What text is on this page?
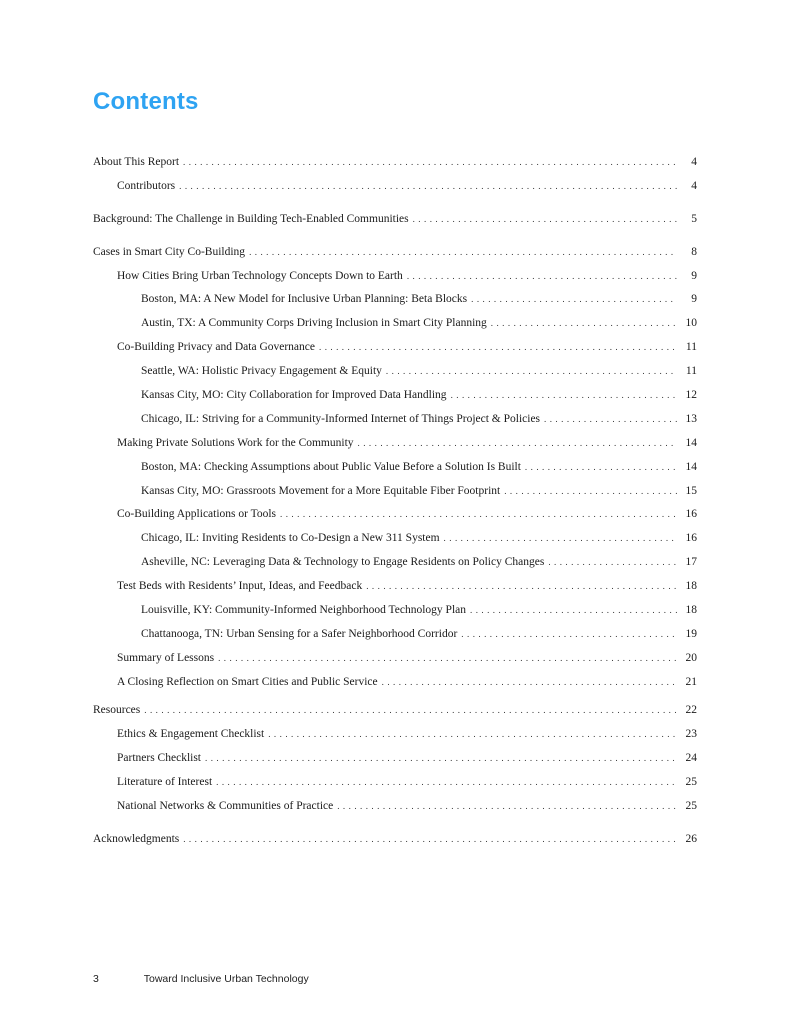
Contents
About This Report . . .	4
Contributors . . .	4
Background: The Challenge in Building Tech-Enabled Communities . . .	5
Cases in Smart City Co-Building . . .	8
How Cities Bring Urban Technology Concepts Down to Earth . . .	9
Boston, MA: A New Model for Inclusive Urban Planning: Beta Blocks . . .	9
Austin, TX: A Community Corps Driving Inclusion in Smart City Planning . . .	10
Co-Building Privacy and Data Governance . . .	11
Seattle, WA: Holistic Privacy Engagement & Equity . . .	11
Kansas City, MO: City Collaboration for Improved Data Handling . . .	12
Chicago, IL: Striving for a Community-Informed Internet of Things Project & Policies . . .	13
Making Private Solutions Work for the Community . . .	14
Boston, MA: Checking Assumptions about Public Value Before a Solution Is Built . . .	14
Kansas City, MO: Grassroots Movement for a More Equitable Fiber Footprint . . .	15
Co-Building Applications or Tools . . .	16
Chicago, IL: Inviting Residents to Co-Design a New 311 System . . .	16
Asheville, NC: Leveraging Data & Technology to Engage Residents on Policy Changes . . .	17
Test Beds with Residents’ Input, Ideas, and Feedback . . .	18
Louisville, KY: Community-Informed Neighborhood Technology Plan . . .	18
Chattanooga, TN: Urban Sensing for a Safer Neighborhood Corridor . . .	19
Summary of Lessons . . .	20
A Closing Reflection on Smart Cities and Public Service . . .	21
Resources . . .	22
Ethics & Engagement Checklist . . .	23
Partners Checklist . . .	24
Literature of Interest . . .	25
National Networks & Communities of Practice . . .	25
Acknowledgments . . .	26
3	Toward Inclusive Urban Technology
